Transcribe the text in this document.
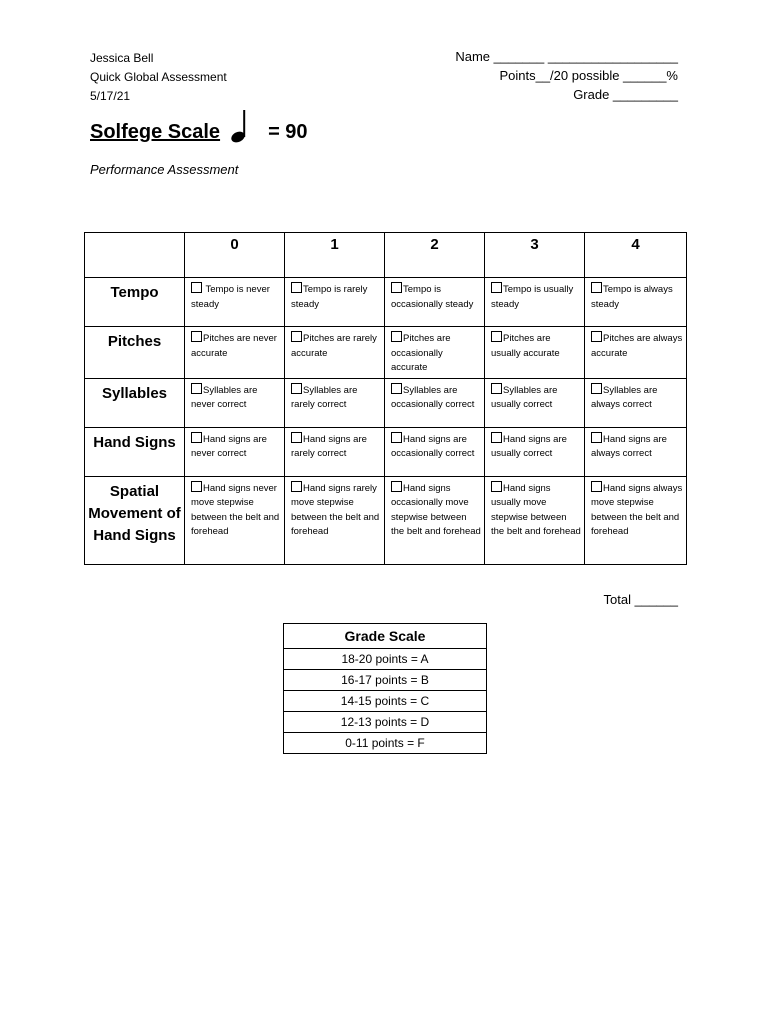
Jessica Bell
Quick Global Assessment
5/17/21
Name _______ __________________
Points__/20 possible ______%
Grade _________
Solfege Scale = 90
Performance Assessment
	0	1	2	3	4
Tempo	Tempo is never steady	Tempo is rarely steady	Tempo is occasionally steady	Tempo is usually steady	Tempo is always steady
Pitches	Pitches are never accurate	Pitches are rarely accurate	Pitches are occasionally accurate	Pitches are usually accurate	Pitches are always accurate
Syllables	Syllables are never correct	Syllables are rarely correct	Syllables are occasionally correct	Syllables are usually correct	Syllables are always correct
Hand Signs	Hand signs are never correct	Hand signs are rarely correct	Hand signs are occasionally correct	Hand signs are usually correct	Hand signs are always correct
Spatial Movement of Hand Signs	Hand signs never move stepwise between the belt and forehead	Hand signs rarely move stepwise between the belt and forehead	Hand signs occasionally move stepwise between the belt and forehead	Hand signs usually move stepwise between the belt and forehead	Hand signs always move stepwise between the belt and forehead
Total ______
Grade Scale
18-20 points = A
16-17 points = B
14-15 points = C
12-13 points = D
0-11 points = F
